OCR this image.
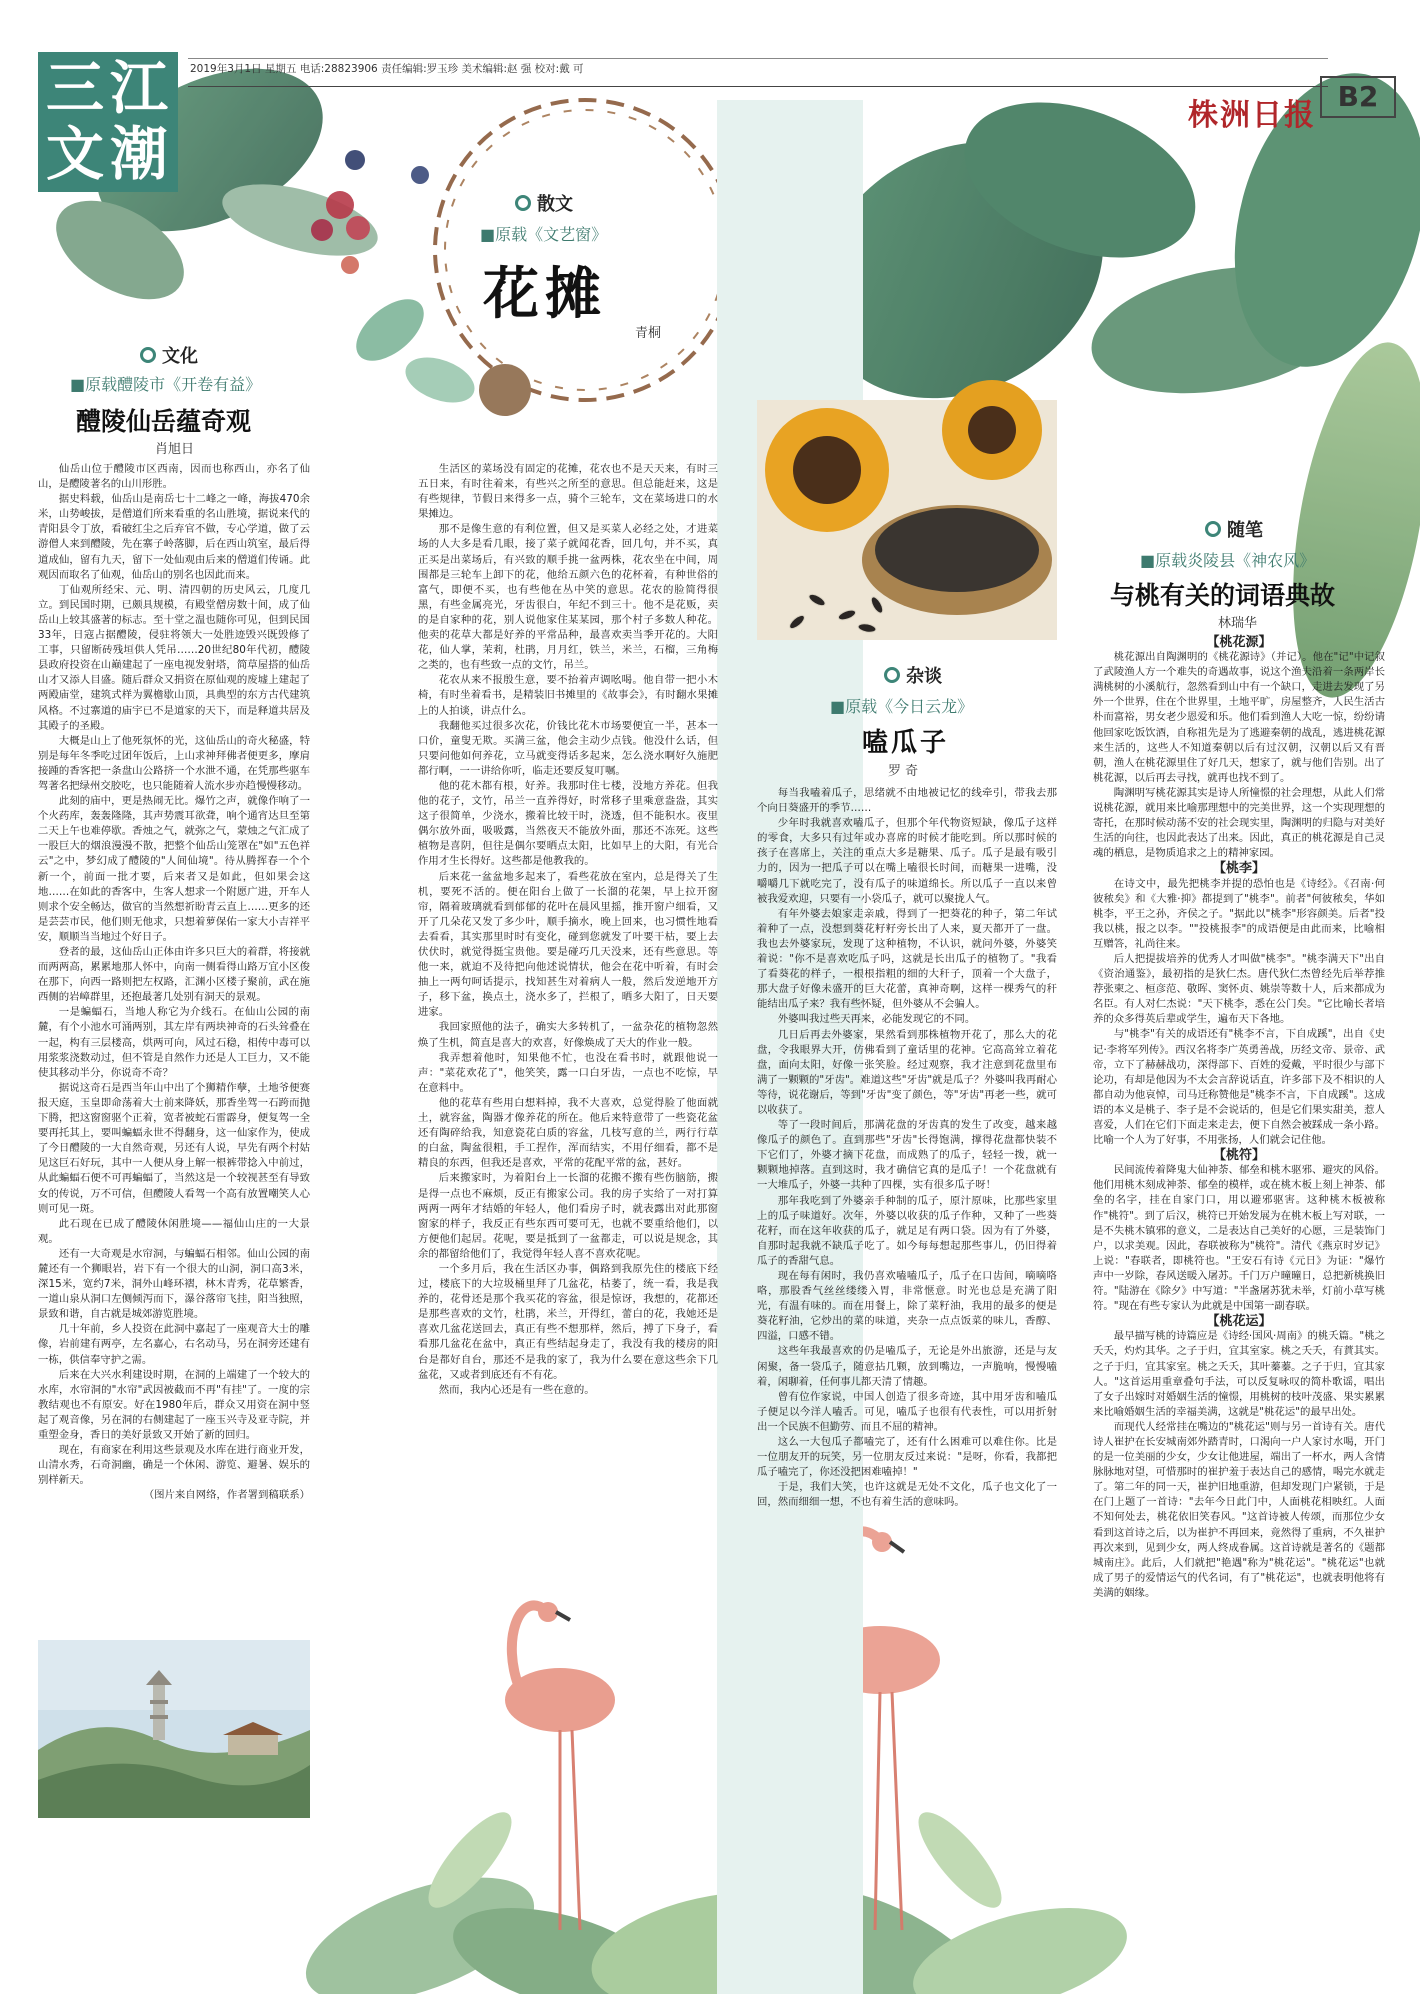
三 江
文 潮
2019年3月1日 星期五 电话:28823906 责任编辑:罗玉珍 美术编辑:赵 强 校对:戴 可
株洲日报
B2
散文
■原载《文艺窗》
花摊
青桐

生活区的菜场没有固定的花摊，花农也不是天天来，有时三五日来，有时往着来，有些兴之所至的意思。但总能赶来，这是有些规律，节假日来得多一点，骑个三轮车，文在菜场进口的水果摊边。

那不是像生意的有利位置，但又是买菜人必经之处，才进菜场的人大多是看几眼，接了菜子就闻花香，回几句，并不买，真正买是出菜场后，有兴致的顺手挑一盆两株，花农坐在中间，周围都是三轮车上卸下的花，他给五颜六色的花杯着，有种世俗的富气，即便不买，也有些他在丛中笑的意思。花农的脸简得很黑，有些金属亮光，牙齿很白，年纪不到三十。他不是花贩，卖的是自家种的花，别人说他家住某某园，那个村子多数人种花。他卖的花草大都是好养的平常品种，最喜欢卖当季开花的。大阳花，仙人掌，茉莉，杜鹃，月月红，铁兰，米兰，石榴，三角梅之类的，也有些致一点的文竹，吊兰。

花农从来不报殷生意，要不抬着声调吆喝。他自带一把小木椅，有时坐着看书，是精装旧书摊里的《故事会》，有时翻水果摊上的人拍谈，讲点什么。

我翻他买过很多次花，价钱比花木市场要便宜一半，甚本一口价，童叟无欺。买满三盆，他会主动少点钱。他没什么话，但只要问他如何养花，立马就变得话多起来，怎么浇水啊好久施肥都行啊，一一讲给你听，临走还要反复叮嘱。

他的花木都有根，好养。我那时住七楼，没地方养花。但我他的花子，文竹，吊兰一直养得好，时常移子里乘意盎盎，其实这子很简单，少浇水，搬着比较干时，浇透，但不能积水。夜里偶尔放外面，吸吸露，当然夜天不能放外面，那还不冻死。这些植物是喜阴，但往是偶尔要晒点太阳，比如早上的大阳，有光合作用才生长得好。这些都是他教我的。

后来花一盆盆地多起来了，看些花放在室内，总是得关了生机，要死不活的。便在阳台上做了一长溜的花架，早上拉开窗帘，隔着玻璃就看到郁郁的花叶在晨风里摇，推开窗户细看，又开了几朵花又发了多少叶，顺手摘水，晚上回来，也习惯性地看去看看，其实那里时时有变化，碰到您就发了叶要干枯，要上去伏伏时，就觉得挺宝贵他。要是碰巧几天没来，还有些意思。等他一来，就迫不及待把向他述说情状，他会在花中听着，有时会抽上一两句呵话提示，找知甚生对着病人一般，然后发逆地开方子，移下盆，换点土，浇水多了，拦根了，晒多大阳了，日天要进家。

我回家照他的法子，确实大多转机了，一盆杂花的植物忽然焕了生机，简直是喜大的欢喜，好像焕成了天大的作业一般。

我弄想着他时，知果他不忙，也没在看书时，就跟他说一声："菜花欢花了"，他笑笑，露一口白牙齿，一点也不吃惊，早在意料中。

他的花草有些用白想料掉，我不大喜欢，总觉得脸了他面就土，就容盆，陶器才像养花的所在。他后来特意带了一些瓷花盆还有陶碎给我，知意瓷花白质的容盆，几枝写意的兰，两行行草的白盆，陶盆很粗，手工捏作，浑而结实，不用仔细看，都不是精良的东西，但我还是喜欢，平常的花配平常的盆，甚好。

后来搬家时，为着阳台上一长溜的花搬不搬有些伤脑筋，搬是得一点也不麻烦，反正有搬家公司。我的房子实给了一对打算两两一两年才结婚的年轻人，他们看房子时，就表露出对此那窗窗家的样子，我反正有些东西可要可无，也就不要重给他们，以方便他们起居。花呢，要是抵到了一盆都走，可以说是规念，其余的都留给他们了，我觉得年轻人喜不喜欢花呢。

一个多月后，我在生活区办事，偶路到我原先住的楼底下经过，楼底下的大垃圾桶里拜了几盆花，枯萎了，统一看，我是我养的，花骨还是那个我买花的容盆，很是惊讶，我想的，花都还是那些喜欢的文竹，杜鹃，米兰，开得红，蕾白的花，我她还是喜欢几盆花送回去，真正有些不想那样，然后，搏了下身子，看看那几盆花在盆中，真正有些结起身走了，我没有我的楼房的阳台是都好自台，那还不是我的家了，我为什么要在意这些余下几盆花，又或者到底还有不有花。

然而，我内心还是有一些在意的。

文化
■原载醴陵市《开卷有益》
醴陵仙岳蕴奇观
肖旭日

仙岳山位于醴陵市区西南，因而也称西山，亦名了仙山，是醴陵著名的山川形胜。

据史料载，仙岳山是南岳七十二峰之一峰，海拔470余米，山势峻拔，是僧道们所来看重的名山胜境，据说来代的青阳县令丁放，看破红尘之后弃官不做，专心学道，做了云游僧人来到醴陵，先在寨子岭落脚，后在西山筑室，最后得道成仙，留有九天，留下一处仙观由后来的僧道们传诵。此观因而取名了仙观，仙岳山的别名也因此而来。

丁仙观所经宋、元、明、清四朝的历史风云，几度几立。到民国时期，已颇具规模，有殿堂僧房数十间，成了仙岳山上较其盛著的标志。至十堂之温也随你可见，但到民国33年，日寇占据醴陵，侵驻将领大一处胜迹毁兴既毁修了工事，只留断砖残垣供人凭吊……20世纪80年代初，醴陵县政府投资在山巅建起了一座电视发射塔，简草屋搭的仙岳山才又添人目盛。随后群众又捐资在原仙观的废墟上建起了两殿庙堂，建筑式样为翼檐歇山顶，具典型的东方古代建筑风格。不过寨道的庙宇已不是道家的天下，而是释道共居及其殿子的圣殿。

大概是山上了他死氛怀的光，这仙岳山的奇火秘盛，特别是每年冬季吃过团年饭后，上山求神拜佛者便更多，摩肩接踵的香客把一条盘山公路挤一个水泄不通，在凭那些驱车驾著名把绿州交胶吃，也只能随着人流水步亦趋慢慢移动。

此刻的庙中，更是热闹无比。爆竹之声，就像作响了一个火药库，轰轰隆隆，其声势震耳欲聋，响个通宵达旦至第二天上午也难停歇。香烛之气，就弥之气，蒙烛之气汇成了一股巨大的烟浪漫漫不散，把整个仙岳山笼罩在"如"五色祥云"之中，梦幻成了醴陵的"人间仙境"。待从腾挥春一个个新一个，前面一批才要，后来者又是如此，但如果会这地……在如此的香客中，生客人想求一个附愿广进，开车人则求个安全畅达，做官的当然想祈盼青云直上……更多的还是芸芸市民，他们则无他求，只想着萝保佑一家大小吉祥平安，顺顺当当地过个好日子。

登者的最，这仙岳山正体由许多只巨大的着群，将接就而两两高，累累地那人怀中，向南一侧看得山路万宜小区俊在那下，向西一路则把左权路，汇渊小区楼子聚前，武在施西侧的岩嶂群里，还抱最著几处别有洞天的景观。

一是蝙蝠石，当地人称它为介线石。在仙山公园的南麓，有个小池水可涌两别，其左岸有两块神奇的石头耸叠在一起，构有三层楼高，烘两可向，风过石稳，相传中毒可以用浆浆浇数动过，但不管是自然作力还是人工巨力，又不能使其移动半分，你说奇不奇？

据说这奇石是西当年山中出了个狮精作孽，土地爷便赛报天庭，玉皇即命荡着大士前来降妖，那香坐驾一石跨而抛下腾，把这窗窗驱个正着，宽者被蛇石雷霹身，便复驾一全要再托其上，要叫蝙蝠永世不得翻身，这一仙家作为，使成了今日醴陵的一大自然奇观，另还有人说，早先有两个村姑见这巨石好玩，其中一人便从身上解一根裤带捻入中前过，从此蝙蝠石便不可再蝙蝠了，当然这是一个较视甚至有导致女的传说，万不可信，但醴陵人看驾一个高有放置嘲笑人心则可见一斑。

此石现在已成了醴陵休闲胜境——福仙山庄的一大景观。

还有一大奇观是水帘洞，与蝙蝠石相邻。仙山公园的南麓还有一个狮眼岩，岩下有一个很大的山洞，洞口高3米，深15米，宽约7米，洞外山峰环褶，林木青秀，花草繁香，一道山泉从洞口左侧倾泻而下，瀑谷落帘飞挂，阳当独照，景致和谐，自古就是城郊游览胜境。

几十年前，乡人投资在此洞中嘉起了一座观音大士的雕像，岩前建有两亭，左名嘉心，右名动马，另在洞旁还建有一栋，供信奉守护之需。

后来在大兴水利建设时期，在洞的上端建了一个较大的水库，水帘洞的"水帘"武因被截而不再"有挂"了。一度的宗教结观也不有原安。好在1980年后，群众又用资在洞中竖起了观音像，另在洞的右侧建起了一座玉兴寺及亚寺院，并重塑金身，香日的美好景致又开始了新的回归。

现在，有商家在利用这些景观及水库在进行商业开发，山清水秀，石奇洞幽，确是一个休闲、游览、避暑、娱乐的别样新天。

（图片来自网络，作者署到稿联系）

杂谈
■原载《今日云龙》
嗑瓜子
罗 奇

每当我嗑着瓜子，思绪就不由地被记忆的线牵引，带我去那个向日葵盛开的季节……

少年时我就喜欢嗑瓜子，但那个年代物资短缺，像瓜子这样的零食，大多只有过年或办喜席的时候才能吃到。所以那时候的孩子在喜席上，关注的重点大多是糖果、瓜子。瓜子是最有吸引力的，因为一把瓜子可以在嘴上嗑很长时间，而糖果一进嘴，没嚼嚼几下就吃完了，没有瓜子的味道绵长。所以瓜子一直以来曾被我爱欢迎，只要有一小袋瓜子，就可以聚拢人气。

有年外婆去娘家走亲戚，得到了一把葵花的种子，第二年试着种了一点，没想到葵花籽籽旁长出了人来，夏天都开了一盘。我也去外婆家玩，发现了这种植物，不认识，就问外婆，外婆笑着说："你不是喜欢吃瓜子吗，这就是长出瓜子的植物了。"我看了看葵花的样子，一根根指粗的细的大秆子，顶着一个大盘子，那大盘子好像未盛开的巨大花蕾，真神奇啊，这样一棵秀气的秆能结出瓜子来？我有些怀疑，但外婆从不会骗人。

外婆叫我过些天再来，必能发现它的不同。

几日后再去外婆家，果然看到那株植物开花了，那么大的花盘，令我眼界大开，仿佛看到了童话里的花神。它高高耸立着花盘，面向太阳，好像一张笑脸。经过观察，我才注意到花盘里布满了一颗颗的"牙齿"。难道这些"牙齿"就是瓜子？外婆叫我再耐心等待，说花谢后，等到"牙齿"变了颜色，等"牙齿"再老一些，就可以收获了。

等了一段时间后，那满花盘的牙齿真的发生了改变，越来越像瓜子的颜色了。直到那些"牙齿"长得饱满，撑得花盘都快装不下它们了，外婆才摘下花盘，而成熟了的瓜子，轻轻一拨，就一颗颗地掉落。直到这时，我才确信它真的是瓜子！一个花盘就有一大堆瓜子，外婆一共种了四棵，实有很多瓜子呀！

那年我吃到了外婆亲手种制的瓜子，原汁原味，比那些家里上的瓜子味道好。次年，外婆以收获的瓜子作种，又种了一些葵花籽，而在这年收获的瓜子，就足足有两口袋。因为有了外婆，自那时起我就不缺瓜子吃了。如今每每想起那些事儿，仍旧得着瓜子的香甜气息。

现在每有闲时，我仍喜欢嗑嗑瓜子，瓜子在口齿间，嘀嘀咯咯，那股香气丝丝缕缕入胃，非常惬意。时光也总是充满了阳光，有温有味的。而在用餐上，除了菜籽油，我用的最多的便是葵花籽油，它炒出的菜的味道，夹杂一点点饭菜的味儿，香醇、四溢，口感不错。

这些年我最喜欢的仍是嗑瓜子，无论是外出旅游，还是与友闲聚，备一袋瓜子，随意拈几颗，放到嘴边，一声脆响，慢慢嗑着，闲聊着，任何事儿都天清了情趣。

曾有位作家说，中国人创造了很多奇迹，其中用牙齿和嗑瓜子便足以今洋人嗑舌。可见，嗑瓜子也很有代表性，可以用折射出一个民族不但勤劳、而且不屈的精神。

这么一大包瓜子都嗑完了，还有什么困难可以难住你。比是一位朋友开的玩笑，另一位朋友反过来说："是呀，你看，我都把瓜子嗑完了，你还没把困难嗑掉！"

于是，我们大笑，也许这就是无处不文化，瓜子也文化了一回，然而细细一想，不也有着生活的意味吗。

随笔
■原载炎陵县《神农风》
与桃有关的词语典故
林瑞华

【桃花源】

桃花源出自陶渊明的《桃花源诗》（并记）。他在"记"中记叙了武陵渔人方一个难失的奇遇故事，说这个渔夫沿着一条两岸长满桃树的小溪航行，忽然看到山中有一个缺口，走进去发现了另外一个世界，住在个世界里，土地平旷，房屋整齐，人民生活古朴而富裕，男女老少恩爱和乐。他们看到渔人大吃一惊，纷纷请他回家吃饭饮酒，自称祖先是为了逃避秦朝的战乱，逃进桃花源来生活的，这些人不知道秦朝以后有过汉朝，汉朝以后又有晋朝，渔人在桃花源里住了好几天，想家了，就与他们告别。出了桃花源，以后再去寻找，就再也找不到了。

陶渊明写桃花源其实是诗人所憧憬的社会理想，从此人们常说桃花源，就用来比喻那理想中的完美世界，这一个实现理想的寄托，在那时候动荡不安的社会现实里，陶渊明的归隐与对美好生活的向往，也因此表达了出来。因此，真正的桃花源是自己灵魂的栖息，是物质追求之上的精神家园。

【桃李】

在诗文中，最先把桃李并提的恐怕也是《诗经》。《召南·何彼秾矣》和《大雅·抑》都提到了"桃李"。前者"何彼秾矣，华如桃李，平王之孙，齐侯之子。"据此以"桃李"形容颜美。后者"投我以桃，报之以李。""投桃报李"的成语便是由此而来，比喻相互赠答，礼尚往来。

后人把提拔培养的优秀人才叫做"桃李"。"桃李满天下"出自《资治通鉴》，最初指的是狄仁杰。唐代狄仁杰曾经先后举荐推荐张柬之、桓彦范、敬晖、窦怀贞、姚崇等数十人，后来都成为名臣。有人对仁杰说："天下桃李，悉在公门矣。"它比喻长者培养的众多得英后辈或学生，遍布天下各地。

与"桃李"有关的成语还有"桃李不言，下自成蹊"，出自《史记·李将军列传》。西汉名将李广英勇善战，历经文帝、景帝、武帝，立下了赫赫战功，深得部下、百姓的爱戴，平时很少与部下论功，有却是他因为不太会言辞说话直，许多部下及不相识的人都自动为他哀悼，司马迁称赞他是"桃李不言，下自成蹊"。这成语的本义是桃子、李子是不会说话的，但是它们果实甜美，惹人喜爱，人们在它们下面走来走去，便下自然会被踩成一条小路。比喻一个人为了好事，不用张扬，人们就会记住他。

【桃符】

民间流传着降鬼大仙神荼、郁垒和桃木驱邪、避灾的风俗。他们用桃木刻成神荼、郁垒的模样，或在桃木板上刻上神荼、郁垒的名字，挂在自家门口，用以避邪驱害。这种桃木板被称作"桃符"。到了后汉，桃符已开始发展为在桃木板上写对联，一是不失桃木镇邪的意义，二是表达自己美好的心愿，三是装饰门户，以求美观。因此，春联被称为"桃符"。清代《燕京时岁记》上说："春联者，即桃符也。"王安石有诗《元日》为证："爆竹声中一岁除，春风送暖入屠苏。千门万户曈曈日，总把新桃换旧符。"陆游在《除夕》中写道："半盏屠苏犹未举，灯前小草写桃符。"现在有些专家认为此就是中国第一副春联。

【桃花运】

最早描写桃的诗篇应是《诗经·国风·周南》的桃夭篇。"桃之夭夭，灼灼其华。之子于归，宜其室家。桃之夭夭，有蕡其实。之子于归，宜其家室。桃之夭夭，其叶蓁蓁。之子于归，宜其家人。"这首运用重章叠句手法，可以反复咏叹的简朴歌谣，唱出了女子出嫁时对婚姻生活的憧憬，用桃树的枝叶茂盛、果实累累来比喻婚姻生活的幸福美满，这就是"桃花运"的最早出处。

而现代人经常挂在嘴边的"桃花运"则与另一首诗有关。唐代诗人崔护在长安城南郊外踏青时，口渴向一户人家讨水喝，开门的是一位美丽的少女，少女让他进屋，端出了一杯水，两人含情脉脉地对望，可惜那时的崔护羞于表达自己的感情，喝完水就走了。第二年的同一天，崔护旧地重游，但却发现门户紧锁，于是在门上题了一首诗："去年今日此门中，人面桃花相映红。人面不知何处去，桃花依旧笑春风。"这首诗被人传颂，而那位少女看到这首诗之后，以为崔护不再回来，竟然得了重病，不久崔护再次来到，见到少女，两人终成眷属。这首诗就是著名的《题都城南庄》。此后，人们就把"艳遇"称为"桃花运"。"桃花运"也就成了男子的爱情运气的代名词，有了"桃花运"，也就表明他将有美满的姻缘。
